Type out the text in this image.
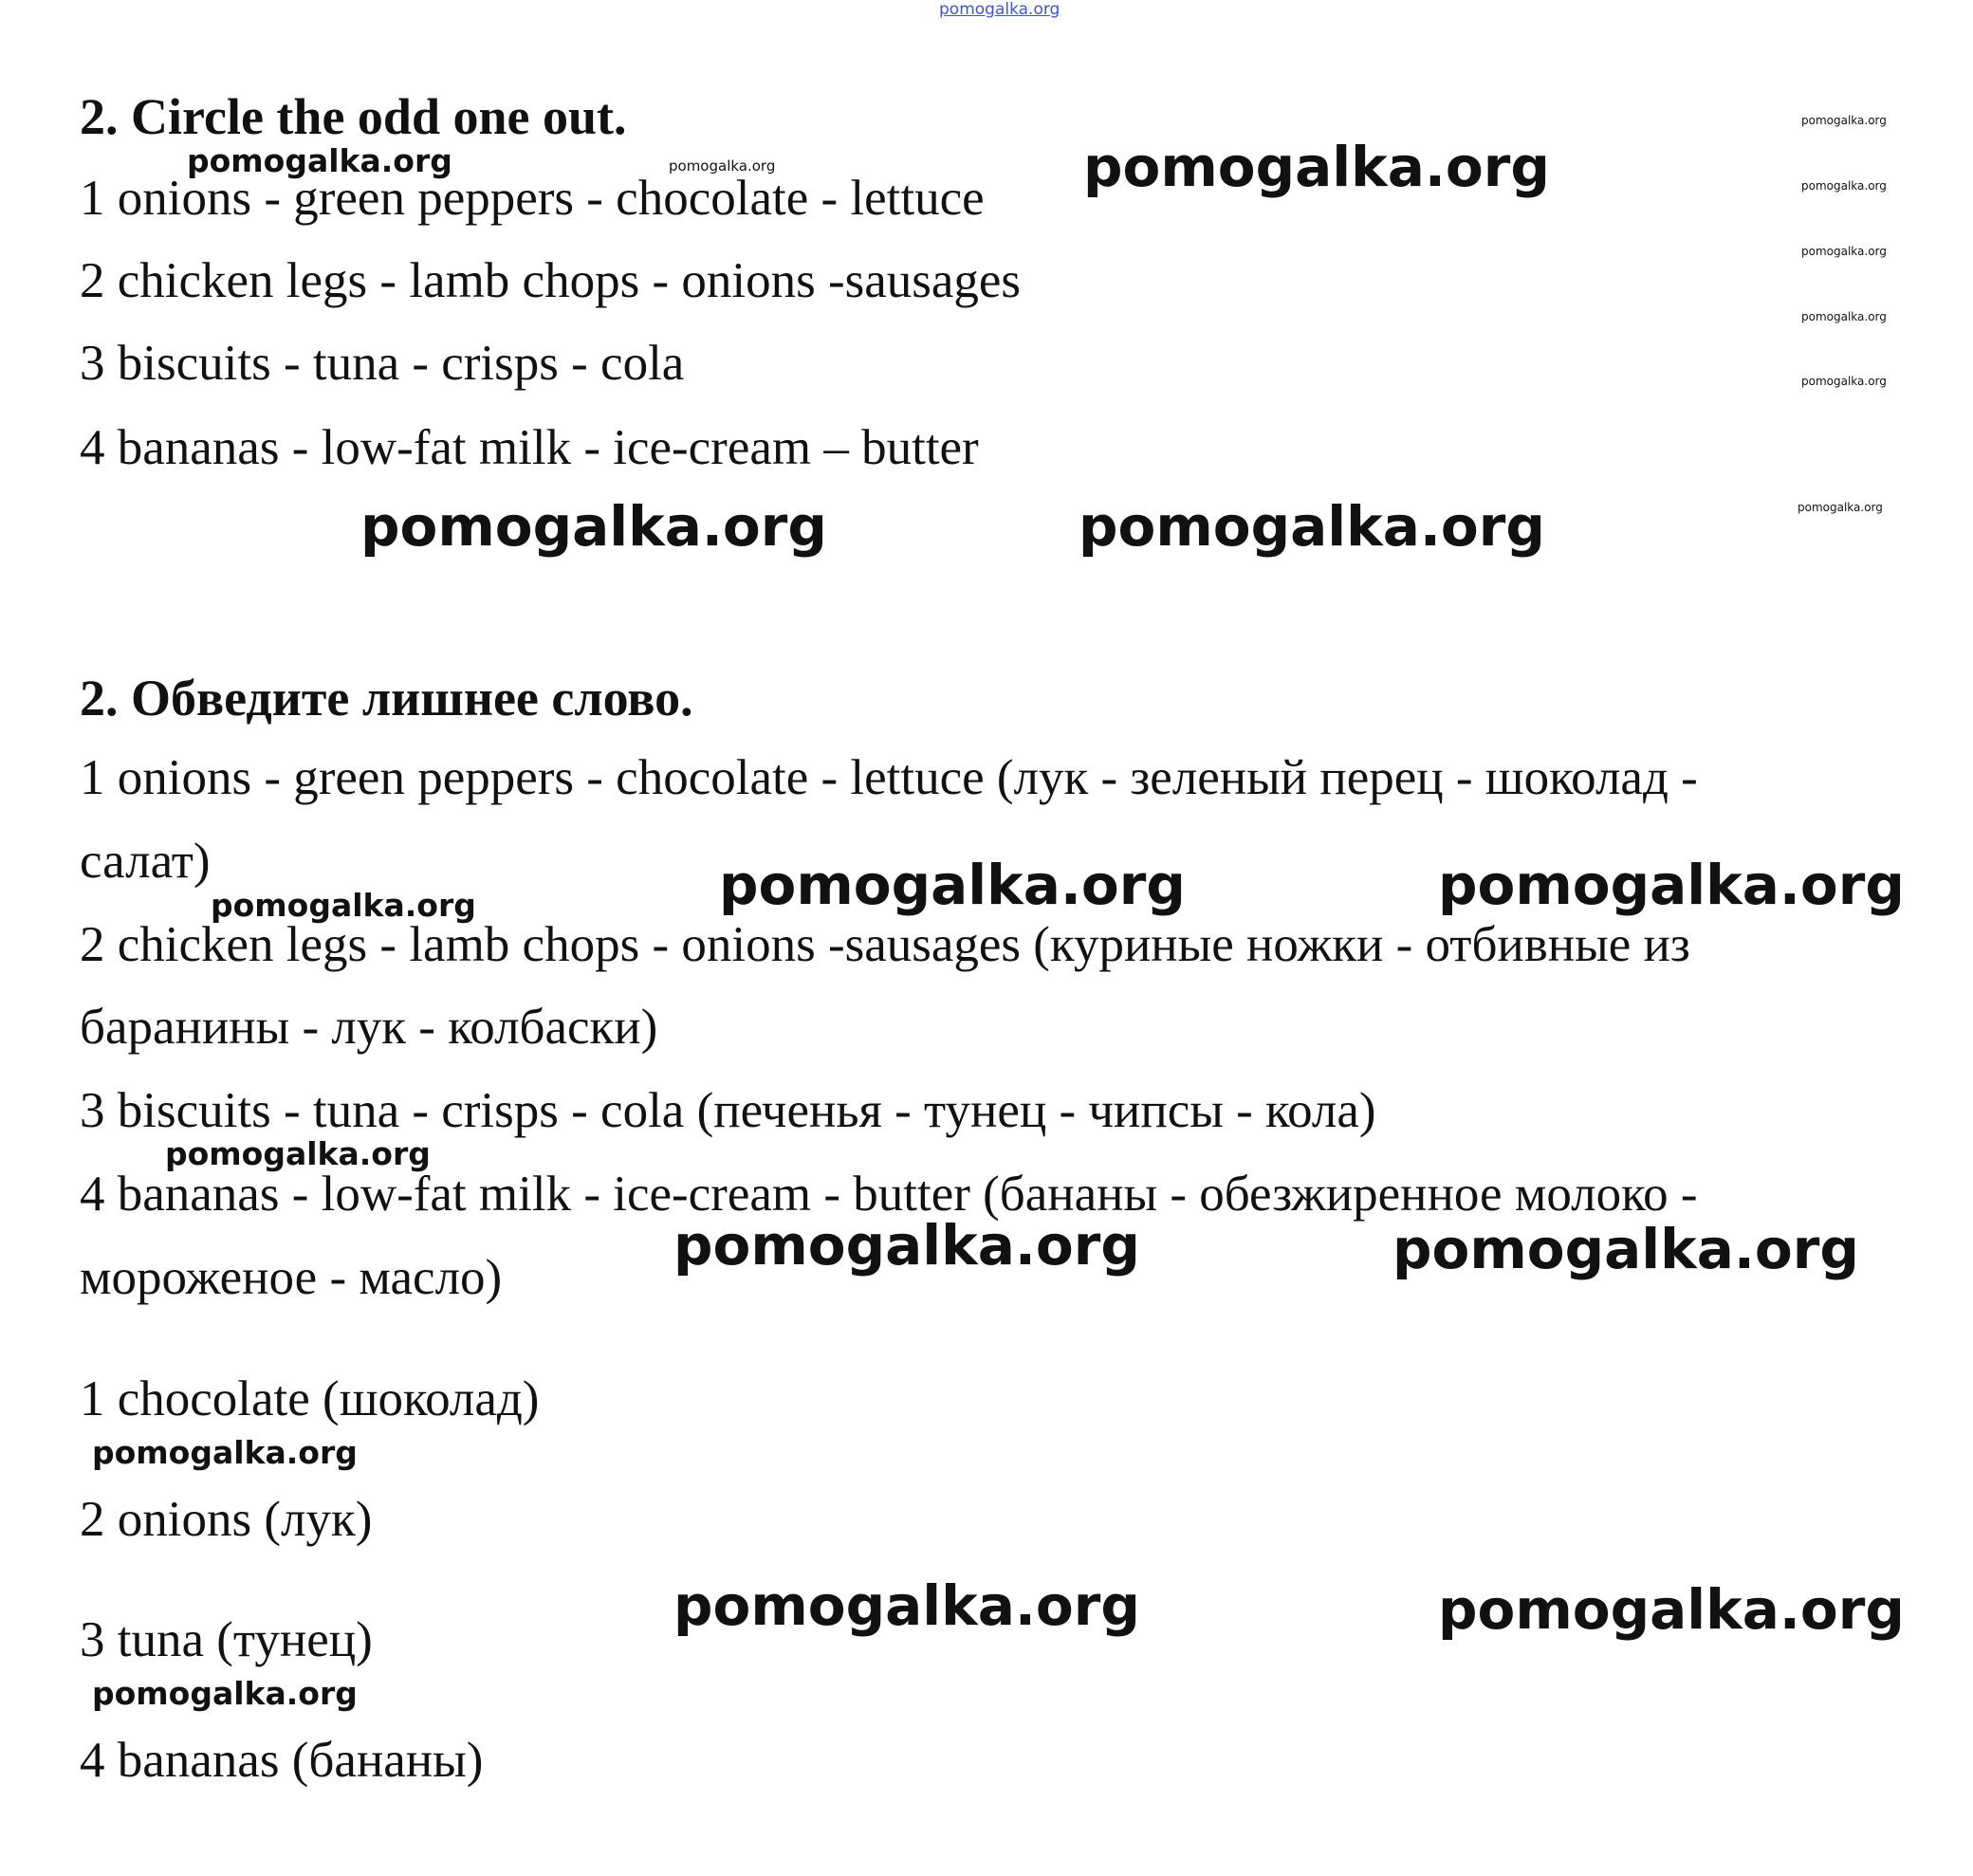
pomogalka.org
2. Circle the odd one out.
1 onions - green peppers - chocolate - lettuce
2 chicken legs - lamb chops - onions -sausages
3 biscuits - tuna - crisps - cola
4 bananas - low-fat milk - ice-cream – butter
2. Обведите лишнее слово.
1 onions - green peppers - chocolate - lettuce (лук - зеленый перец - шоколад -
салат)
2 chicken legs - lamb chops - onions -sausages (куриные ножки - отбивные из
баранины - лук - колбаски)
3 biscuits - tuna - crisps - cola (печенья - тунец - чипсы - кола)
4 bananas - low-fat milk - ice-cream - butter (бананы - обезжиренное молоко -
мороженое - масло)
1 chocolate (шоколад)
2 onions (лук)
3 tuna (тунец)
4 bananas (бананы)
pomogalka.org	pomogalka.org	pomogalka.org
pomogalka.org
pomogalka.org
pomogalka.org
pomogalka.org
pomogalka.org
pomogalka.org
pomogalka.org	pomogalka.org
pomogalka.org	pomogalka.org
pomogalka.org
pomogalka.org
pomogalka.org	pomogalka.org
pomogalka.org
pomogalka.org	pomogalka.org
pomogalka.org
